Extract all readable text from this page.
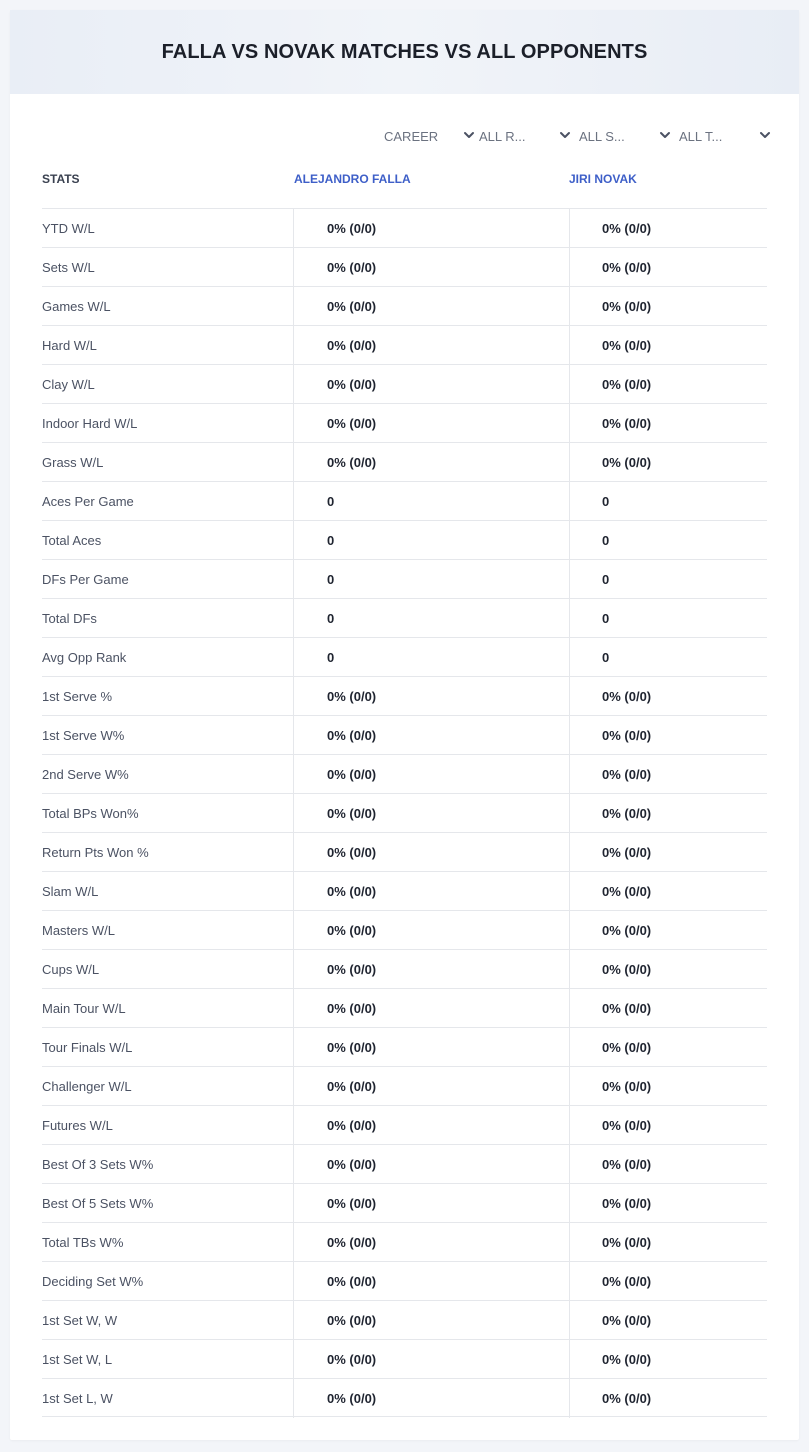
FALLA VS NOVAK MATCHES VS ALL OPPONENTS
CAREER	ALL R...	ALL S...	ALL T...
STATS	ALEJANDRO FALLA	JIRI NOVAK
YTD W/L	0% (0/0)	0% (0/0)
Sets W/L	0% (0/0)	0% (0/0)
Games W/L	0% (0/0)	0% (0/0)
Hard W/L	0% (0/0)	0% (0/0)
Clay W/L	0% (0/0)	0% (0/0)
Indoor Hard W/L	0% (0/0)	0% (0/0)
Grass W/L	0% (0/0)	0% (0/0)
Aces Per Game	0	0
Total Aces	0	0
DFs Per Game	0	0
Total DFs	0	0
Avg Opp Rank	0	0
1st Serve %	0% (0/0)	0% (0/0)
1st Serve W%	0% (0/0)	0% (0/0)
2nd Serve W%	0% (0/0)	0% (0/0)
Total BPs Won%	0% (0/0)	0% (0/0)
Return Pts Won %	0% (0/0)	0% (0/0)
Slam W/L	0% (0/0)	0% (0/0)
Masters W/L	0% (0/0)	0% (0/0)
Cups W/L	0% (0/0)	0% (0/0)
Main Tour W/L	0% (0/0)	0% (0/0)
Tour Finals W/L	0% (0/0)	0% (0/0)
Challenger W/L	0% (0/0)	0% (0/0)
Futures W/L	0% (0/0)	0% (0/0)
Best Of 3 Sets W%	0% (0/0)	0% (0/0)
Best Of 5 Sets W%	0% (0/0)	0% (0/0)
Total TBs W%	0% (0/0)	0% (0/0)
Deciding Set W%	0% (0/0)	0% (0/0)
1st Set W, W	0% (0/0)	0% (0/0)
1st Set W, L	0% (0/0)	0% (0/0)
1st Set L, W	0% (0/0)	0% (0/0)
